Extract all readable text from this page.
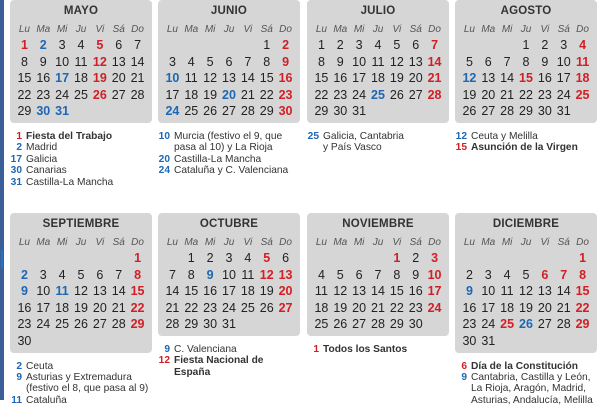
MAYO
Lu Ma Mi Ju Vi Sá Do
1 2 3 4 5 6 7
8 9 10 11 12 13 14
15 16 17 18 19 20 21
22 23 24 25 26 27 28
29 30 31
1 Fiesta del Trabajo
2 Madrid
17 Galicia
30 Canarias
31 Castilla-La Mancha
JUNIO
Lu Ma Mi Ju Vi Sá Do
1 2
3 4 5 6 7 8 9
10 11 12 13 14 15 16
17 18 19 20 21 22 23
24 25 26 27 28 29 30
10 Murcia (festivo el 9, que
pasa al 10) y La Rioja
20 Castilla-La Mancha
24 Cataluña y C. Valenciana
JULIO
Lu Ma Mi Ju Vi Sá Do
1 2 3 4 5 6 7
8 9 10 11 12 13 14
15 16 17 18 19 20 21
22 23 24 25 26 27 28
29 30 31
25 Galicia, Cantabria
y País Vasco
AGOSTO
Lu Ma Mi Ju Vi Sá Do
1 2 3 4
5 6 7 8 9 10 11
12 13 14 15 16 17 18
19 20 21 22 23 24 25
26 27 28 29 30 31
12 Ceuta y Melilla
15 Asunción de la Virgen
SEPTIEMBRE
Lu Ma Mi Ju Vi Sá Do
1
2 3 4 5 6 7 8
9 10 11 12 13 14 15
16 17 18 19 20 21 22
23 24 25 26 27 28 29
30
2 Ceuta
9 Asturias y Extremadura
(festivo el 8, que pasa al 9)
11 Cataluña
OCTUBRE
Lu Ma Mi Ju Vi Sá Do
1 2 3 4 5 6
7 8 9 10 11 12 13
14 15 16 17 18 19 20
21 22 23 24 25 26 27
28 29 30 31
9 C. Valenciana
12 Fiesta Nacional de España
NOVIEMBRE
Lu Ma Mi Ju Vi Sá Do
1 2 3
4 5 6 7 8 9 10
11 12 13 14 15 16 17
18 19 20 21 22 23 24
25 26 27 28 29 30
1 Todos los Santos
DICIEMBRE
Lu Ma Mi Ju Vi Sá Do
1
2 3 4 5 6 7 8
9 10 11 12 13 14 15
16 17 18 19 20 21 22
23 24 25 26 27 28 29
30 31
6 Día de la Constitución
9 Cantabria, Castilla y León,
La Rioja, Aragón, Madrid,
Asturias, Andalucía, Melilla
